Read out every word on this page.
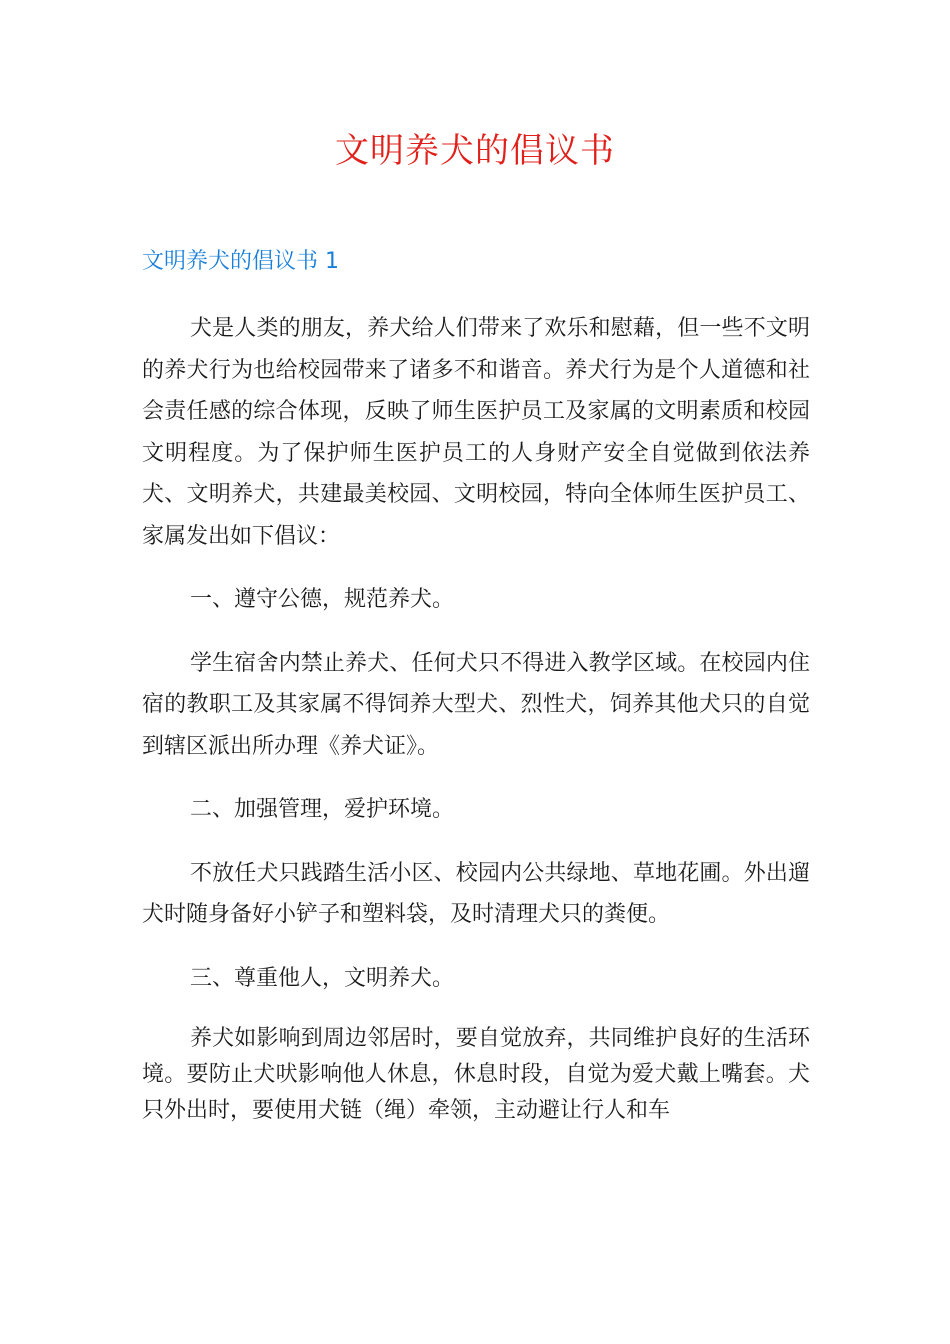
文明养犬的倡议书
文明养犬的倡议书 1

犬是人类的朋友，养犬给人们带来了欢乐和慰藉，但一些不文明的养犬行为也给校园带来了诸多不和谐音。养犬行为是个人道德和社会责任感的综合体现，反映了师生医护员工及家属的文明素质和校园文明程度。为了保护师生医护员工的人身财产安全自觉做到依法养犬、文明养犬，共建最美校园、文明校园，特向全体师生医护员工、家属发出如下倡议：

一、遵守公德，规范养犬。

学生宿舍内禁止养犬、任何犬只不得进入教学区域。在校园内住宿的教职工及其家属不得饲养大型犬、烈性犬，饲养其他犬只的自觉到辖区派出所办理《养犬证》。

二、加强管理，爱护环境。

不放任犬只践踏生活小区、校园内公共绿地、草地花圃。外出遛犬时随身备好小铲子和塑料袋，及时清理犬只的粪便。

三、尊重他人，文明养犬。

养犬如影响到周边邻居时，要自觉放弃，共同维护良好的生活环境。要防止犬吠影响他人休息，休息时段，自觉为爱犬戴上嘴套。犬只外出时，要使用犬链（绳）牵领，主动避让行人和车
